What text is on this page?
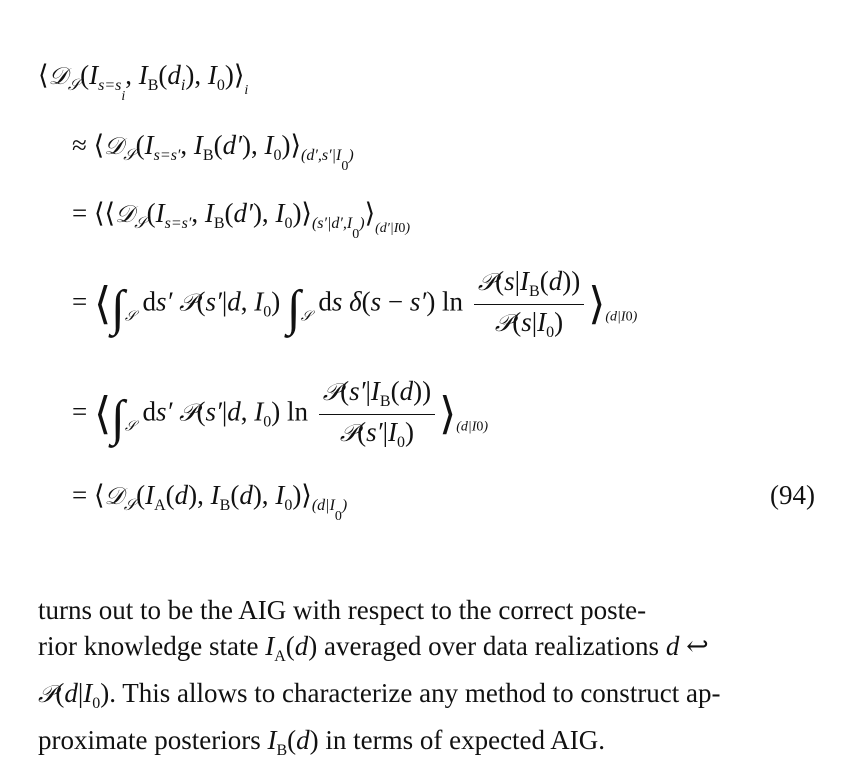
$⟨𝒟_𝒮(I_{s=si}$, $I_B(d_i)$, $I_0)⟩_i$
≈ $⟨𝒟_𝒮(I_{s=s'}$, $I_B(d')$, $I_0)⟩_{(d',s'|I0)}$
= $⟨⟨𝒟_𝒮(I_{s=s'}$, $I_B(d')$, $I_0)⟩_{(s'|d',I0)}⟩_{(d'|I0)}$
= $⟨\int_𝒮$ ds′ 𝒫(s′|d, $I_0$) $\int_𝒮$ ds δ(s − s′) $\ln \frac{𝒫(s|I_B(d))}{𝒫(s|I_0)}$ $⟩_{(d|I0)}$
= $⟨\int_𝒮$ ds′ 𝒫(s′|d, $I_0$) $\ln \frac{𝒫(s'|I_B(d))}{𝒫(s'|I_0)}$ $⟩_{(d|I0)}$
= $⟨𝒟_𝒮(I_A(d)$, $I_B(d)$, $I_0)⟩_{(d|I0)}$	(94)
turns out to be the AIG with respect to the correct poste-
rior knowledge state $I_A(d)$ averaged over data realizations d ↩
$𝒫(d|I_0)$. This allows to characterize any method to construct ap-
proximate posteriors $I_B(d)$ in terms of expected AIG.
